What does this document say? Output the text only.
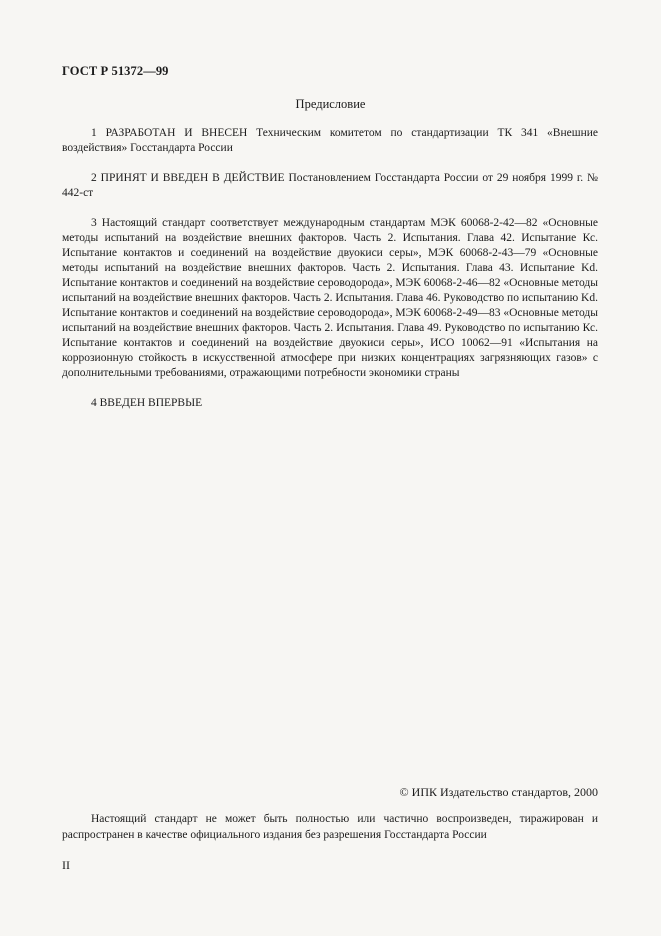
ГОСТ Р 51372—99
Предисловие

1 РАЗРАБОТАН И ВНЕСЕН Техническим комитетом по стандартизации ТК 341 «Внешние воздействия» Госстандарта России

2 ПРИНЯТ И ВВЕДЕН В ДЕЙСТВИЕ Постановлением Госстандарта России от 29 ноября 1999 г. № 442-ст

3 Настоящий стандарт соответствует международным стандартам МЭК 60068-2-42—82 «Основные методы испытаний на воздействие внешних факторов. Часть 2. Испытания. Глава 42. Испытание Кс. Испытание контактов и соединений на воздействие двуокиси серы», МЭК 60068-2-43—79 «Основные методы испытаний на воздействие внешних факторов. Часть 2. Испытания. Глава 43. Испытание Kd. Испытание контактов и соединений на воздействие сероводорода», МЭК 60068-2-46—82 «Основные методы испытаний на воздействие внешних факторов. Часть 2. Испытания. Глава 46. Руководство по испытанию Kd. Испытание контактов и соединений на воздействие сероводорода», МЭК 60068-2-49—83 «Основные методы испытаний на воздействие внешних факторов. Часть 2. Испытания. Глава 49. Руководство по испытанию Кс. Испытание контактов и соединений на воздействие двуокиси серы», ИСО 10062—91 «Испытания на коррозионную стойкость в искусственной атмосфере при низких концентрациях загрязняющих газов» с дополнительными требованиями, отражающими потребности экономики страны

4 ВВЕДЕН ВПЕРВЫЕ

© ИПК Издательство стандартов, 2000
Настоящий стандарт не может быть полностью или частично воспроизведен, тиражирован и распространен в качестве официального издания без разрешения Госстандарта России
II
